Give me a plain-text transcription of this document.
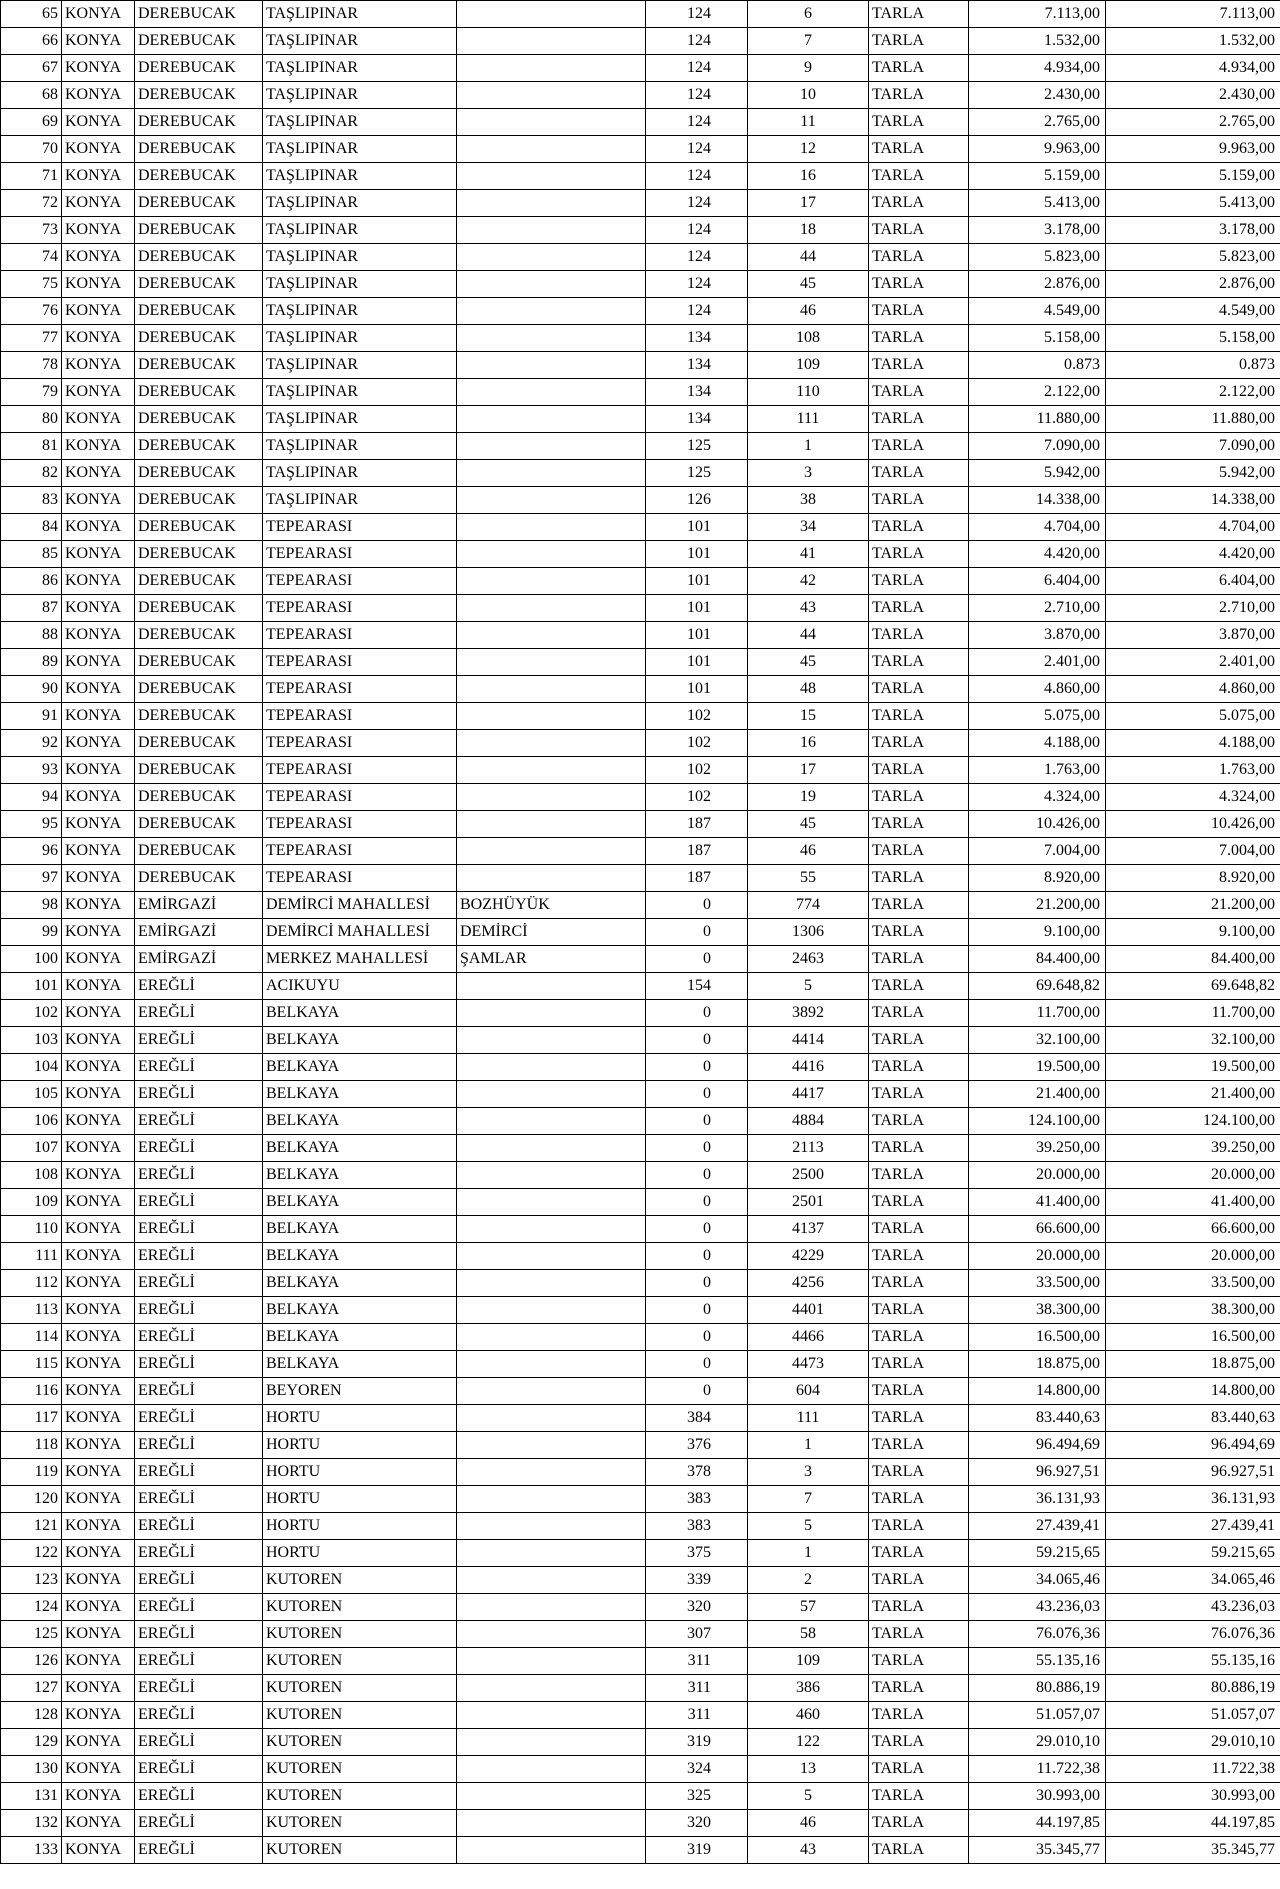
65	KONYA	DEREBUCAK	TAŞLIPINAR		124	6	TARLA	7.113,00	7.113,00
66	KONYA	DEREBUCAK	TAŞLIPINAR		124	7	TARLA	1.532,00	1.532,00
67	KONYA	DEREBUCAK	TAŞLIPINAR		124	9	TARLA	4.934,00	4.934,00
68	KONYA	DEREBUCAK	TAŞLIPINAR		124	10	TARLA	2.430,00	2.430,00
69	KONYA	DEREBUCAK	TAŞLIPINAR		124	11	TARLA	2.765,00	2.765,00
70	KONYA	DEREBUCAK	TAŞLIPINAR		124	12	TARLA	9.963,00	9.963,00
71	KONYA	DEREBUCAK	TAŞLIPINAR		124	16	TARLA	5.159,00	5.159,00
72	KONYA	DEREBUCAK	TAŞLIPINAR		124	17	TARLA	5.413,00	5.413,00
73	KONYA	DEREBUCAK	TAŞLIPINAR		124	18	TARLA	3.178,00	3.178,00
74	KONYA	DEREBUCAK	TAŞLIPINAR		124	44	TARLA	5.823,00	5.823,00
75	KONYA	DEREBUCAK	TAŞLIPINAR		124	45	TARLA	2.876,00	2.876,00
76	KONYA	DEREBUCAK	TAŞLIPINAR		124	46	TARLA	4.549,00	4.549,00
77	KONYA	DEREBUCAK	TAŞLIPINAR		134	108	TARLA	5.158,00	5.158,00
78	KONYA	DEREBUCAK	TAŞLIPINAR		134	109	TARLA	0.873	0.873
79	KONYA	DEREBUCAK	TAŞLIPINAR		134	110	TARLA	2.122,00	2.122,00
80	KONYA	DEREBUCAK	TAŞLIPINAR		134	111	TARLA	11.880,00	11.880,00
81	KONYA	DEREBUCAK	TAŞLIPINAR		125	1	TARLA	7.090,00	7.090,00
82	KONYA	DEREBUCAK	TAŞLIPINAR		125	3	TARLA	5.942,00	5.942,00
83	KONYA	DEREBUCAK	TAŞLIPINAR		126	38	TARLA	14.338,00	14.338,00
84	KONYA	DEREBUCAK	TEPEARASI		101	34	TARLA	4.704,00	4.704,00
85	KONYA	DEREBUCAK	TEPEARASI		101	41	TARLA	4.420,00	4.420,00
86	KONYA	DEREBUCAK	TEPEARASI		101	42	TARLA	6.404,00	6.404,00
87	KONYA	DEREBUCAK	TEPEARASI		101	43	TARLA	2.710,00	2.710,00
88	KONYA	DEREBUCAK	TEPEARASI		101	44	TARLA	3.870,00	3.870,00
89	KONYA	DEREBUCAK	TEPEARASI		101	45	TARLA	2.401,00	2.401,00
90	KONYA	DEREBUCAK	TEPEARASI		101	48	TARLA	4.860,00	4.860,00
91	KONYA	DEREBUCAK	TEPEARASI		102	15	TARLA	5.075,00	5.075,00
92	KONYA	DEREBUCAK	TEPEARASI		102	16	TARLA	4.188,00	4.188,00
93	KONYA	DEREBUCAK	TEPEARASI		102	17	TARLA	1.763,00	1.763,00
94	KONYA	DEREBUCAK	TEPEARASI		102	19	TARLA	4.324,00	4.324,00
95	KONYA	DEREBUCAK	TEPEARASI		187	45	TARLA	10.426,00	10.426,00
96	KONYA	DEREBUCAK	TEPEARASI		187	46	TARLA	7.004,00	7.004,00
97	KONYA	DEREBUCAK	TEPEARASI		187	55	TARLA	8.920,00	8.920,00
98	KONYA	EMİRGAZİ	DEMİRCİ MAHALLESİ	BOZHÜYÜK	0	774	TARLA	21.200,00	21.200,00
99	KONYA	EMİRGAZİ	DEMİRCİ MAHALLESİ	DEMİRCİ	0	1306	TARLA	9.100,00	9.100,00
100	KONYA	EMİRGAZİ	MERKEZ MAHALLESİ	ŞAMLAR	0	2463	TARLA	84.400,00	84.400,00
101	KONYA	EREĞLİ	ACIKUYU		154	5	TARLA	69.648,82	69.648,82
102	KONYA	EREĞLİ	BELKAYA		0	3892	TARLA	11.700,00	11.700,00
103	KONYA	EREĞLİ	BELKAYA		0	4414	TARLA	32.100,00	32.100,00
104	KONYA	EREĞLİ	BELKAYA		0	4416	TARLA	19.500,00	19.500,00
105	KONYA	EREĞLİ	BELKAYA		0	4417	TARLA	21.400,00	21.400,00
106	KONYA	EREĞLİ	BELKAYA		0	4884	TARLA	124.100,00	124.100,00
107	KONYA	EREĞLİ	BELKAYA		0	2113	TARLA	39.250,00	39.250,00
108	KONYA	EREĞLİ	BELKAYA		0	2500	TARLA	20.000,00	20.000,00
109	KONYA	EREĞLİ	BELKAYA		0	2501	TARLA	41.400,00	41.400,00
110	KONYA	EREĞLİ	BELKAYA		0	4137	TARLA	66.600,00	66.600,00
111	KONYA	EREĞLİ	BELKAYA		0	4229	TARLA	20.000,00	20.000,00
112	KONYA	EREĞLİ	BELKAYA		0	4256	TARLA	33.500,00	33.500,00
113	KONYA	EREĞLİ	BELKAYA		0	4401	TARLA	38.300,00	38.300,00
114	KONYA	EREĞLİ	BELKAYA		0	4466	TARLA	16.500,00	16.500,00
115	KONYA	EREĞLİ	BELKAYA		0	4473	TARLA	18.875,00	18.875,00
116	KONYA	EREĞLİ	BEYOREN		0	604	TARLA	14.800,00	14.800,00
117	KONYA	EREĞLİ	HORTU		384	111	TARLA	83.440,63	83.440,63
118	KONYA	EREĞLİ	HORTU		376	1	TARLA	96.494,69	96.494,69
119	KONYA	EREĞLİ	HORTU		378	3	TARLA	96.927,51	96.927,51
120	KONYA	EREĞLİ	HORTU		383	7	TARLA	36.131,93	36.131,93
121	KONYA	EREĞLİ	HORTU		383	5	TARLA	27.439,41	27.439,41
122	KONYA	EREĞLİ	HORTU		375	1	TARLA	59.215,65	59.215,65
123	KONYA	EREĞLİ	KUTOREN		339	2	TARLA	34.065,46	34.065,46
124	KONYA	EREĞLİ	KUTOREN		320	57	TARLA	43.236,03	43.236,03
125	KONYA	EREĞLİ	KUTOREN		307	58	TARLA	76.076,36	76.076,36
126	KONYA	EREĞLİ	KUTOREN		311	109	TARLA	55.135,16	55.135,16
127	KONYA	EREĞLİ	KUTOREN		311	386	TARLA	80.886,19	80.886,19
128	KONYA	EREĞLİ	KUTOREN		311	460	TARLA	51.057,07	51.057,07
129	KONYA	EREĞLİ	KUTOREN		319	122	TARLA	29.010,10	29.010,10
130	KONYA	EREĞLİ	KUTOREN		324	13	TARLA	11.722,38	11.722,38
131	KONYA	EREĞLİ	KUTOREN		325	5	TARLA	30.993,00	30.993,00
132	KONYA	EREĞLİ	KUTOREN		320	46	TARLA	44.197,85	44.197,85
133	KONYA	EREĞLİ	KUTOREN		319	43	TARLA	35.345,77	35.345,77
